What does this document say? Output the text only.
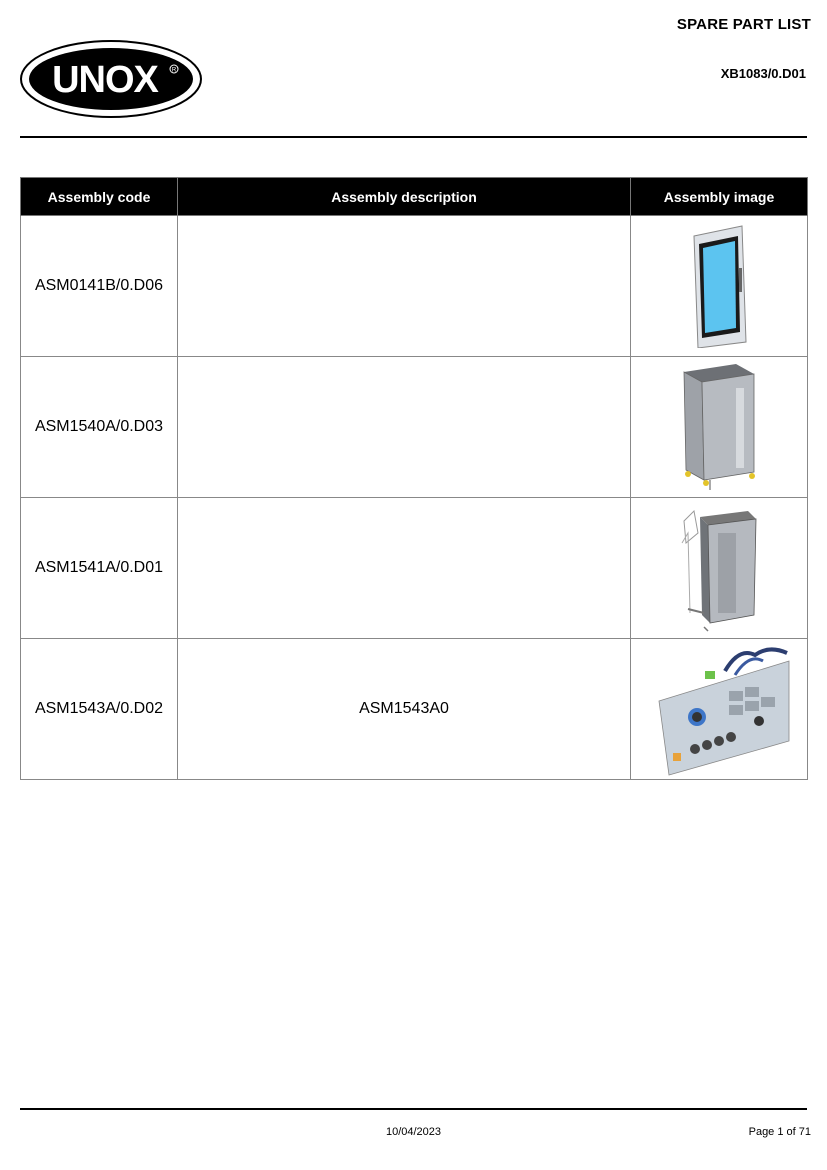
UNOX R
SPARE PART LIST
XB1083/0.D01
Assembly code	Assembly description	Assembly image
ASM0141B/0.D06		

ASM1540A/0.D03		

ASM1541A/0.D01		

ASM1543A/0.D02	ASM1543A0	
10/04/2023	Page 1 of 71
